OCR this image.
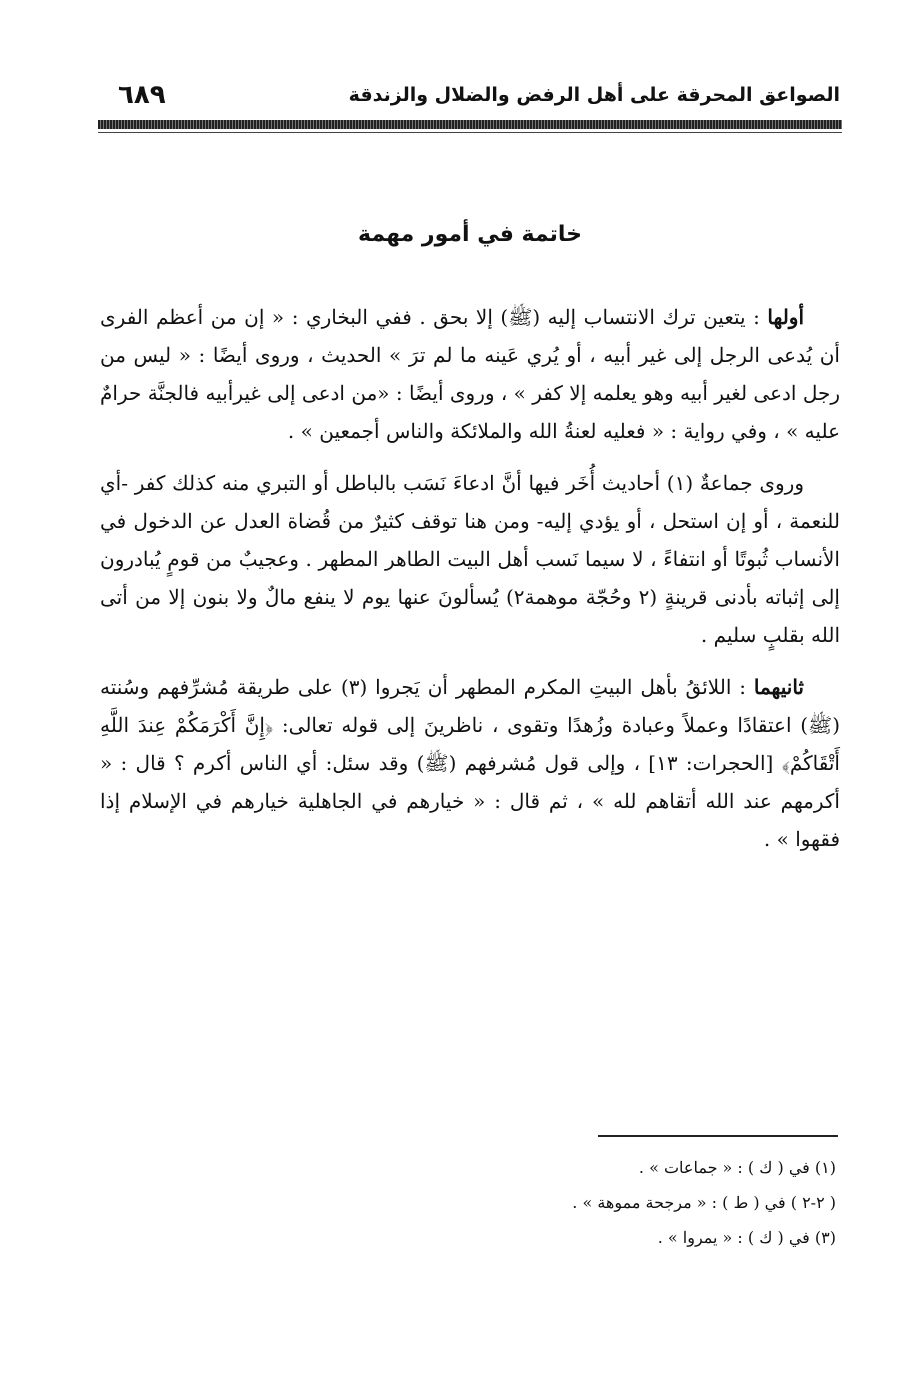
الصواعق المحرقة على أهل الرفض والضلال والزندقة
٦٨٩
خاتمة في أمور مهمة

أولها : يتعين ترك الانتساب إليه (ﷺ) إلا بحق . ففي البخاري : « إن من أعظم الفرى أن يُدعى الرجل إلى غير أبيه ، أو يُري عَينه ما لم ترَ » الحديث ، وروى أيضًا : « ليس من رجل ادعى لغير أبيه وهو يعلمه إلا كفر » ، وروى أيضًا : «من ادعى إلى غيرأبيه فالجنَّة حرامٌ عليه » ، وفي رواية : « فعليه لعنةُ الله والملائكة والناس أجمعين » .

وروى جماعةٌ (١) أحاديث أُخَر فيها أنَّ ادعاءَ نَسَب بالباطل أو التبري منه كذلك كفر -أي للنعمة ، أو إن استحل ، أو يؤدي إليه- ومن هنا توقف كثيرٌ من قُضاة العدل عن الدخول في الأنساب ثُبوتًا أو انتفاءً ، لا سيما نَسب أهل البيت الطاهر المطهر . وعجيبٌ من قومٍ يُبادرون إلى إثباته بأدنى قرينةٍ (٢ وحُجّة موهمة٢) يُسألونَ عنها يوم لا ينفع مالٌ ولا بنون إلا من أتى الله بقلبٍ سليم .

ثانيهما : اللائقُ بأهل البيتِ المكرم المطهر أن يَجروا (٣) على طريقة مُشرِّفهم وسُنته (ﷺ) اعتقادًا وعملاً وعبادة وزُهدًا وتقوى ، ناظرينَ إلى قوله تعالى: ﴿إِنَّ أَكْرَمَكُمْ عِندَ اللَّهِ أَتْقَاكُمْ﴾ [الحجرات: ١٣] ، وإلى قول مُشرفهم (ﷺ) وقد سئل: أي الناس أكرم ؟ قال : « أكرمهم عند الله أتقاهم لله » ، ثم قال : « خيارهم في الجاهلية خيارهم في الإسلام إذا فقهوا » .

(١) في ( ك ) : « جماعات » .
( ٢-٢ ) في ( ط ) : « مرجحة مموهة » .
(٣) في ( ك ) : « يمروا » .
